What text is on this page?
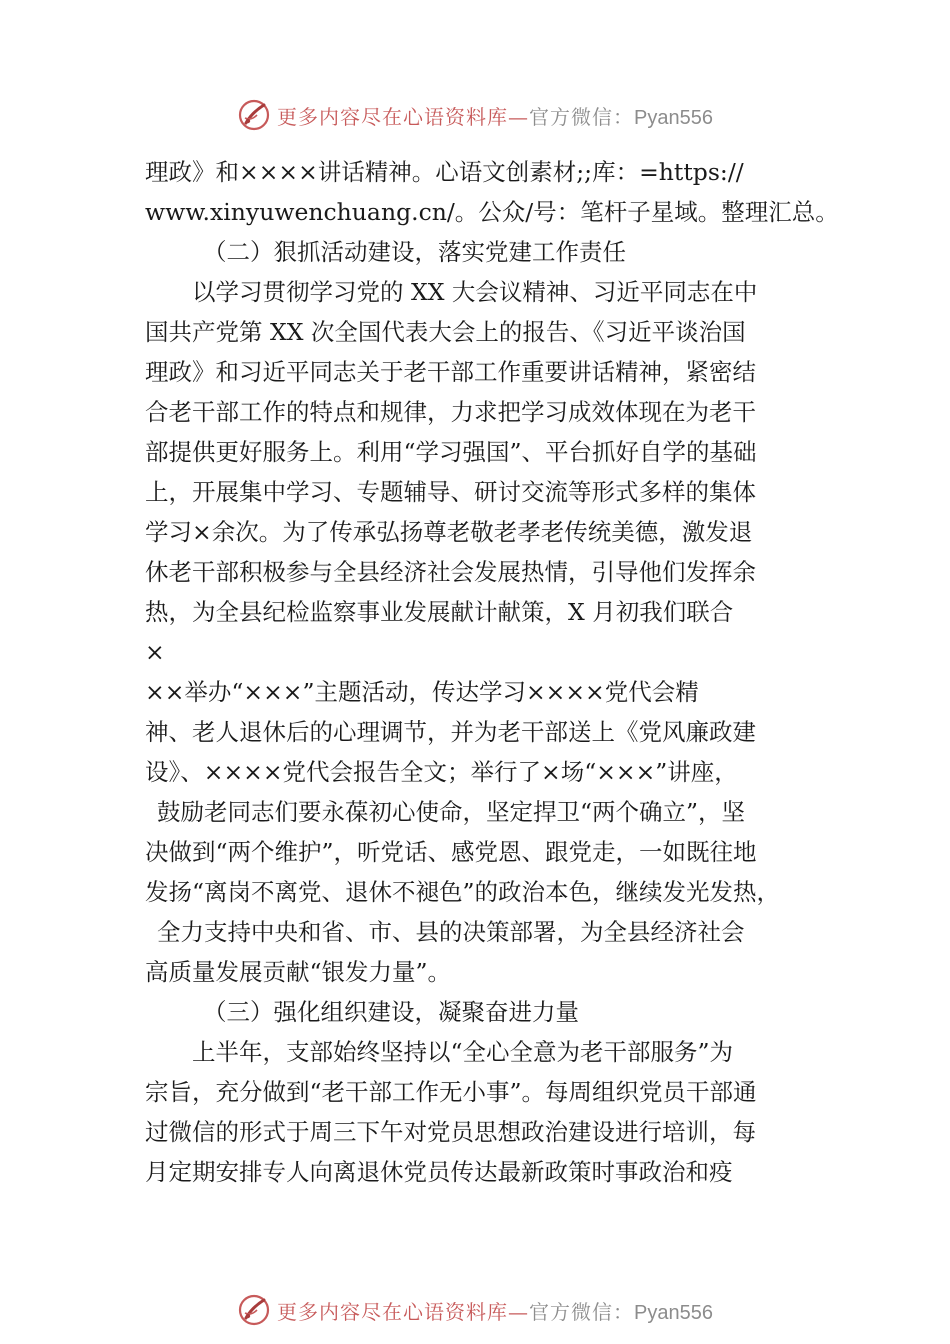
更多内容尽在心语资料库—官方微信：Pyan556
理政》和××××讲话精神。心语文创素材;;库：=https://
www.xinyuwenchuang.cn/。公众/号：笔杆子星域。整理汇总。
（二）狠抓活动建设，落实党建工作责任
以学习贯彻学习党的 XX 大会议精神、习近平同志在中
国共产党第 XX 次全国代表大会上的报告、《习近平谈治国
理政》和习近平同志关于老干部工作重要讲话精神，紧密结
合老干部工作的特点和规律，力求把学习成效体现在为老干
部提供更好服务上。利用“学习强国”、平台抓好自学的基础
上，开展集中学习、专题辅导、研讨交流等形式多样的集体
学习×余次。为了传承弘扬尊老敬老孝老传统美德，激发退
休老干部积极参与全县经济社会发展热情，引导他们发挥余
热，为全县纪检监察事业发展献计献策，X 月初我们联合
×
××举办“×××”主题活动，传达学习××××党代会精
神、老人退休后的心理调节，并为老干部送上《党风廉政建
设》、××××党代会报告全文；举行了×场“×××”讲座，
鼓励老同志们要永葆初心使命，坚定捍卫“两个确立”，坚
决做到“两个维护”，听党话、感党恩、跟党走，一如既往地
发扬“离岗不离党、退休不褪色”的政治本色，继续发光发热，
全力支持中央和省、市、县的决策部署，为全县经济社会
高质量发展贡献“银发力量”。
（三）强化组织建设，凝聚奋进力量
上半年，支部始终坚持以“全心全意为老干部服务”为
宗旨，充分做到“老干部工作无小事”。每周组织党员干部通
过微信的形式于周三下午对党员思想政治建设进行培训，每
月定期安排专人向离退休党员传达最新政策时事政治和疫
更多内容尽在心语资料库—官方微信：Pyan556
